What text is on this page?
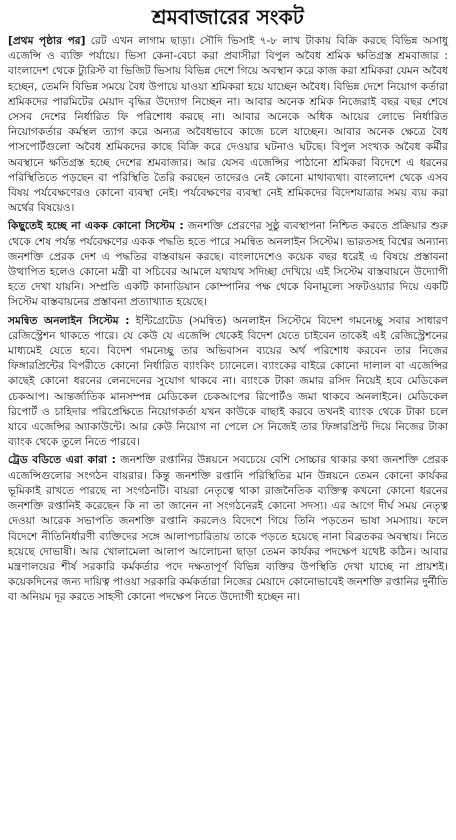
শ্রমবাজারের সংকট

[প্রথম পৃষ্ঠার পর] রেট এখন লাগাম ছাড়া। সৌদি ভিসাই ৭-৮ লাখ টাকায় বিক্রি করছে বিভিন্ন অসাধু এজেন্সি ও ব্যক্তি পর্যায়ে। ভিসা কেনা-বেচা করা প্রবাসীরা বিপুল অবৈধ শ্রমিক ক্ষতিগ্রস্ত শ্রমবাজার : বাংলাদেশ থেকে ট্যুরিস্ট বা ভিজিট ভিসায় বিভিন্ন দেশে গিয়ে অবস্থান করে কাজ করা শ্রমিকরা যেমন অবৈধ হচ্ছেন, তেমনি বিভিন্ন সময়ে বৈধ উপায়ে যাওয়া শ্রমিকরা হয়ে যাচ্ছেন অবৈধ। বিভিন্ন দেশে নিয়োগ কর্তারা শ্রমিকদের পারমিটের মেয়াদ বৃদ্ধির উদ্যোগ নিচ্ছেন না। আবার অনেক শ্রমিক নিজেরাই বছর বছর শেষে সেসব দেশের নির্ধারিত ফি পরিশোধ করছে না। আবার অনেকে অধিক আয়ের লোভে নির্ধারিত নিয়োগকর্তার কর্মস্থল ত্যাগ করে অন্যত্র অবৈধভাবে কাজে চলে যাচ্ছেন। আবার অনেক ক্ষেত্রে বৈধ পাসপোর্টগুলো অবৈধ শ্রমিকদের কাছে বিক্রি করে দেওয়ার ঘটনাও ঘটছে। বিপুল সংখ্যক অবৈধ কর্মীর অবস্থানে ক্ষতিগ্রস্ত হচ্ছে দেশের শ্রমবাজার। আর যেসব এজেন্সির পাঠানো শ্রমিকরা বিদেশে এ ধরনের পরিস্থিতিতে পড়ছেন বা পরিস্থিতি তৈরি করছেন তাদেরও নেই কোনো মাথাব্যথা। বাংলাদেশ থেকে এসব বিষয় পর্যবেক্ষণেরও কোনো ব্যবস্থা নেই। পর্যবেক্ষণের ব্যবস্থা নেই শ্রমিকদের বিদেশযাত্রার সময় ব্যয় করা অর্থের বিষয়েও।

কিছুতেই হচ্ছে না একক কোনো সিস্টেম : জনশক্তি প্রেরণের সুষ্ঠু ব্যবস্থাপনা নিশ্চিত করতে প্রক্রিয়ার শুরু থেকে শেষ পর্যন্ত পর্যবেক্ষণের একক পদ্ধতি হতে পারে সমন্বিত অনলাইন সিস্টেম। ভারতসহ বিশ্বের অন্যান্য জনশক্তি প্রেরক দেশ এ পদ্ধতির বাস্তবায়ন করছে। বাংলাদেশেও কয়েক বছর ধরেই এ বিষয়ে প্রস্তাবনা উত্থাপিত হলেও কোনো মন্ত্রী বা সচিবের আমলে যথাযথ সদিচ্ছা দেখিয়ে এই সিস্টেম বাস্তবায়নে উদ্যোগী হতে দেখা যায়নি। সম্প্রতি একটি কানাডিয়ান কোম্পানির পক্ষ থেকে বিনামূল্যে সফটওয়্যার দিয়ে একটি সিস্টেম বাস্তবায়নের প্রস্তাবনা প্রত্যাখ্যাত হয়েছে।

সমন্বিত অনলাইন সিস্টেম : ইন্টিগ্রেটেড (সমন্বিত) অনলাইন সিস্টেমে বিদেশ গমনেচ্ছু সবার সাধারণ রেজিস্ট্রেশন থাকতে পারে। যে কেউ যে এজেন্সি থেকেই বিদেশ যেতে চাইবেন তাকেই এই রেজিস্ট্রেশনের মাধ্যমেই যেতে হবে। বিদেশ গমনেচ্ছু তার অভিবাসন ব্যয়ের অর্থ পরিশোধ করবেন তার নিজের ফিঙ্গারপ্রিন্টের বিপরীতে কোনো নির্ধারিত ব্যাংকিং চ্যানেলে। ব্যাংকের বাইরে কোনো দালাল বা এজেন্সির কাছেই কোনো ধরনের লেনদেনের সুযোগ থাকবে না। ব্যাংকে টাকা জমার রসিদ নিয়েই হবে মেডিকেল চেকআপ। আন্তর্জাতিক মানসম্পন্ন মেডিকেল চেকআপের রিপোর্টও জমা থাকবে অনলাইনে। মেডিকেল রিপোর্ট ও চাহিদার পরিপ্রেক্ষিতে নিয়োগকর্তা যখন কাউকে বাছাই করবে তখনই ব্যাংক থেকে টাকা চলে যাবে এজেন্সির অ্যাকাউন্টে। আর কেউ নিয়োগ না পেলে সে নিজেই তার ফিঙ্গারপ্রিন্ট দিয়ে নিজের টাকা ব্যাংক থেকে তুলে নিতে পারবে।

ট্রেড বডিতে এরা কারা : জনশক্তি রপ্তানির উন্নয়নে সবচেয়ে বেশি সোচ্চার থাকার কথা জনশক্তি প্রেরক এজেন্সিগুলোর সংগঠন বায়রার। কিন্তু জনশক্তি রপ্তানি পরিস্থিতির মান উন্নয়নে তেমন কোনো কার্যকর ভূমিকাই রাখতে পারছে না সংগঠনটি। বায়রা নেতৃত্বে থাকা রাজনৈতিক ব্যক্তিত্ব কখনো কোনো ধরনের জনশক্তি রপ্তানিই করেছেন কি না তা জানেন না সংগঠনেরই কোনো সদস্য। এর আগে দীর্ঘ সময় নেতৃত্ব দেওয়া আরেক সভাপতি জনশক্তি রপ্তানি করলেও বিদেশে গিয়ে তিনি পড়তেন ভাষা সমস্যায়। ফলে বিদেশে নীতিনির্ধারণী ব্যক্তিদের সঙ্গে আলাপচারিতায় তাকে পড়তে হয়েছে নানা বিব্রতকর অবস্থায়। নিতে হয়েছে দোভাষী। আর খোলামেলা আলাপ আলোচনা ছাড়া তেমন কার্যকর পদক্ষেপ যথেষ্ট কঠিন। আবার মন্ত্রণালয়ের শীর্ষ সরকারি কর্মকর্তার পদে দক্ষতাপূর্ণ বিভিন্ন ব্যক্তির উপস্থিতি দেখা যাচ্ছে না প্রায়শই। কয়েকদিনের জন্য দায়িত্ব পাওয়া সরকারি কর্মকর্তারা নিজের মেয়াদে কোনোভাবেই জনশক্তি রপ্তানির দুর্নীতি বা অনিয়ম দূর করতে সাহসী কোনো পদক্ষেপ নিতে উদ্যোগী হচ্ছেন না।
